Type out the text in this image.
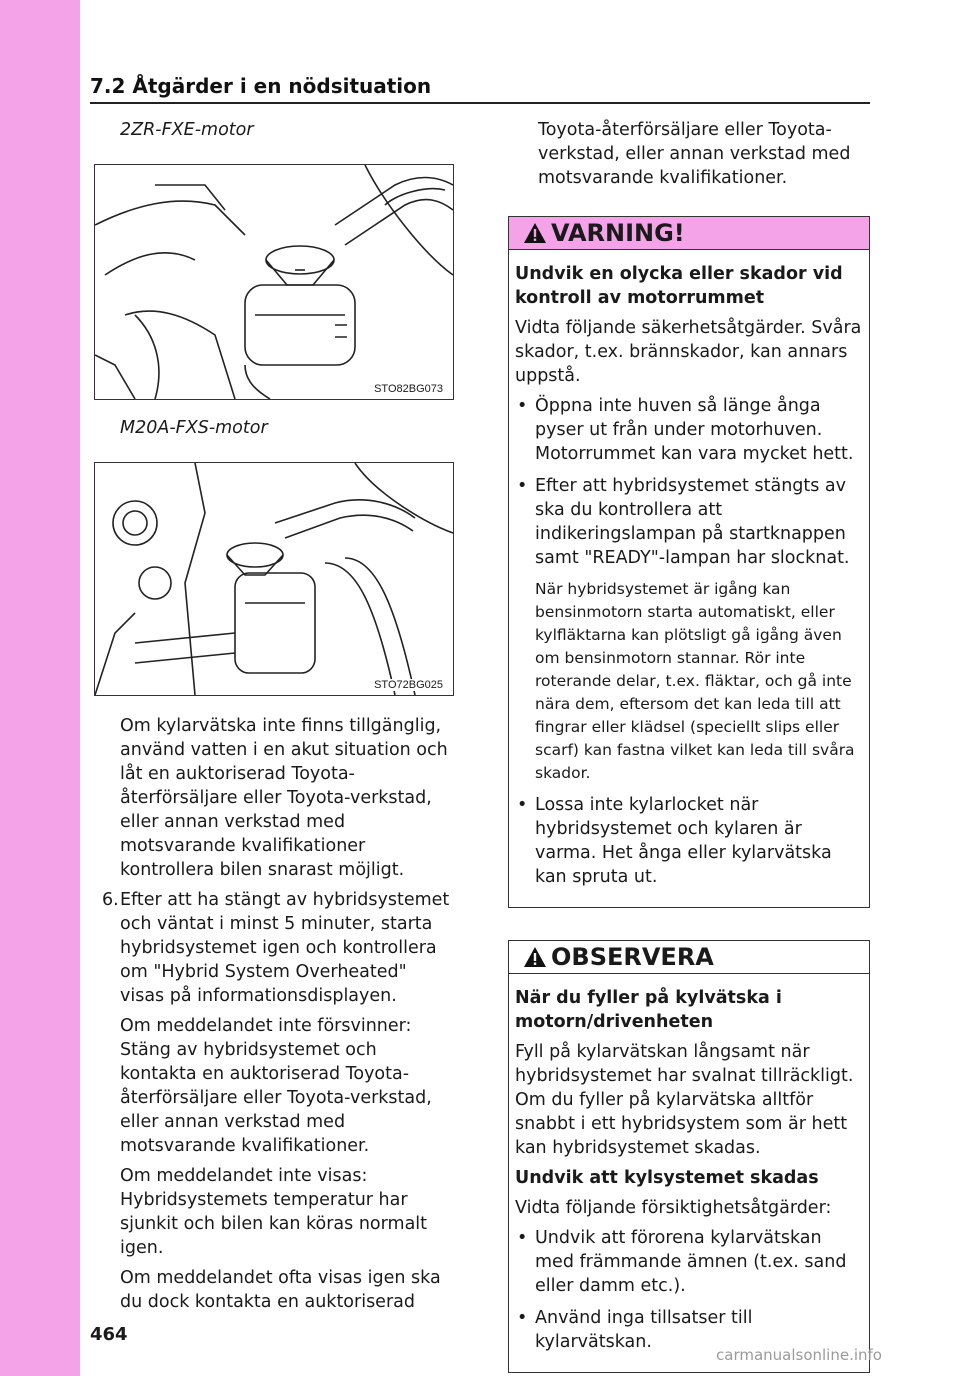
7.2 Åtgärder i en nödsituation
2ZR-FXE-motor
STO82BG073
M20A-FXS-motor
STO72BG025

Om kylarvätska inte finns tillgänglig, använd vatten i en akut situation och låt en auktoriserad Toyota-återförsäljare eller Toyota-verkstad, eller annan verkstad med motsvarande kvalifikationer kontrollera bilen snarast möjligt.

6. Efter att ha stängt av hybridsystemet och väntat i minst 5 minuter, starta hybridsystemet igen och kontrollera om "Hybrid System Overheated" visas på informationsdisplayen.

Om meddelandet inte försvinner: Stäng av hybridsystemet och kontakta en auktoriserad Toyota-återförsäljare eller Toyota-verkstad, eller annan verkstad med motsvarande kvalifikationer.

Om meddelandet inte visas: Hybridsystemets temperatur har sjunkit och bilen kan köras normalt igen.

Om meddelandet ofta visas igen ska du dock kontakta en auktoriserad

Toyota-återförsäljare eller Toyota-verkstad, eller annan verkstad med motsvarande kvalifikationer.
VARNING!
Undvik en olycka eller skador vid kontroll av motorrummet

Vidta följande säkerhetsåtgärder. Svåra skador, t.ex. brännskador, kan annars uppstå.

• Öppna inte huven så länge ånga pyser ut från under motorhuven. Motorrummet kan vara mycket hett.
• Efter att hybridsystemet stängts av ska du kontrollera att indikeringslampan på startknappen samt "READY"-lampan har slocknat.
När hybridsystemet är igång kan bensinmotorn starta automatiskt, eller kylfläktarna kan plötsligt gå igång även om bensinmotorn stannar. Rör inte roterande delar, t.ex. fläktar, och gå inte nära dem, eftersom det kan leda till att fingrar eller klädsel (speciellt slips eller scarf) kan fastna vilket kan leda till svåra skador.
• Lossa inte kylarlocket när hybridsystemet och kylaren är varma. Het ånga eller kylarvätska kan spruta ut.
OBSERVERA
När du fyller på kylvätska i motorn/drivenheten

Fyll på kylarvätskan långsamt när hybridsystemet har svalnat tillräckligt. Om du fyller på kylarvätska alltför snabbt i ett hybridsystem som är hett kan hybridsystemet skadas.

Undvik att kylsystemet skadas

Vidta följande försiktighetsåtgärder:

• Undvik att förorena kylarvätskan med främmande ämnen (t.ex. sand eller damm etc.).
• Använd inga tillsatser till kylarvätskan.
464
carmanualsonline.info
